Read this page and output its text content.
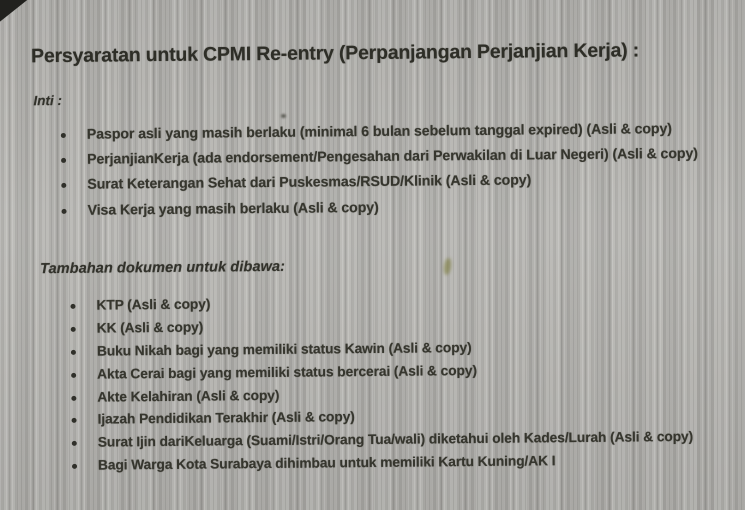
Persyaratan untuk CPMI Re-entry (Perpanjangan Perjanjian Kerja) :
Inti :
Paspor asli yang masih berlaku (minimal 6 bulan sebelum tanggal expired) (Asli & copy)
PerjanjianKerja (ada endorsement/Pengesahan dari Perwakilan di Luar Negeri) (Asli & copy)
Surat Keterangan Sehat dari Puskesmas/RSUD/Klinik (Asli & copy)
Visa Kerja yang masih berlaku (Asli & copy)
Tambahan dokumen untuk dibawa:
KTP (Asli & copy)
KK (Asli & copy)
Buku Nikah bagi yang memiliki status Kawin (Asli & copy)
Akta Cerai bagi yang memiliki status bercerai (Asli & copy)
Akte Kelahiran (Asli & copy)
Ijazah Pendidikan Terakhir (Asli & copy)
Surat Ijin dariKeluarga (Suami/Istri/Orang Tua/wali) diketahui oleh Kades/Lurah (Asli & copy)
Bagi Warga Kota Surabaya dihimbau untuk memiliki Kartu Kuning/AK I
